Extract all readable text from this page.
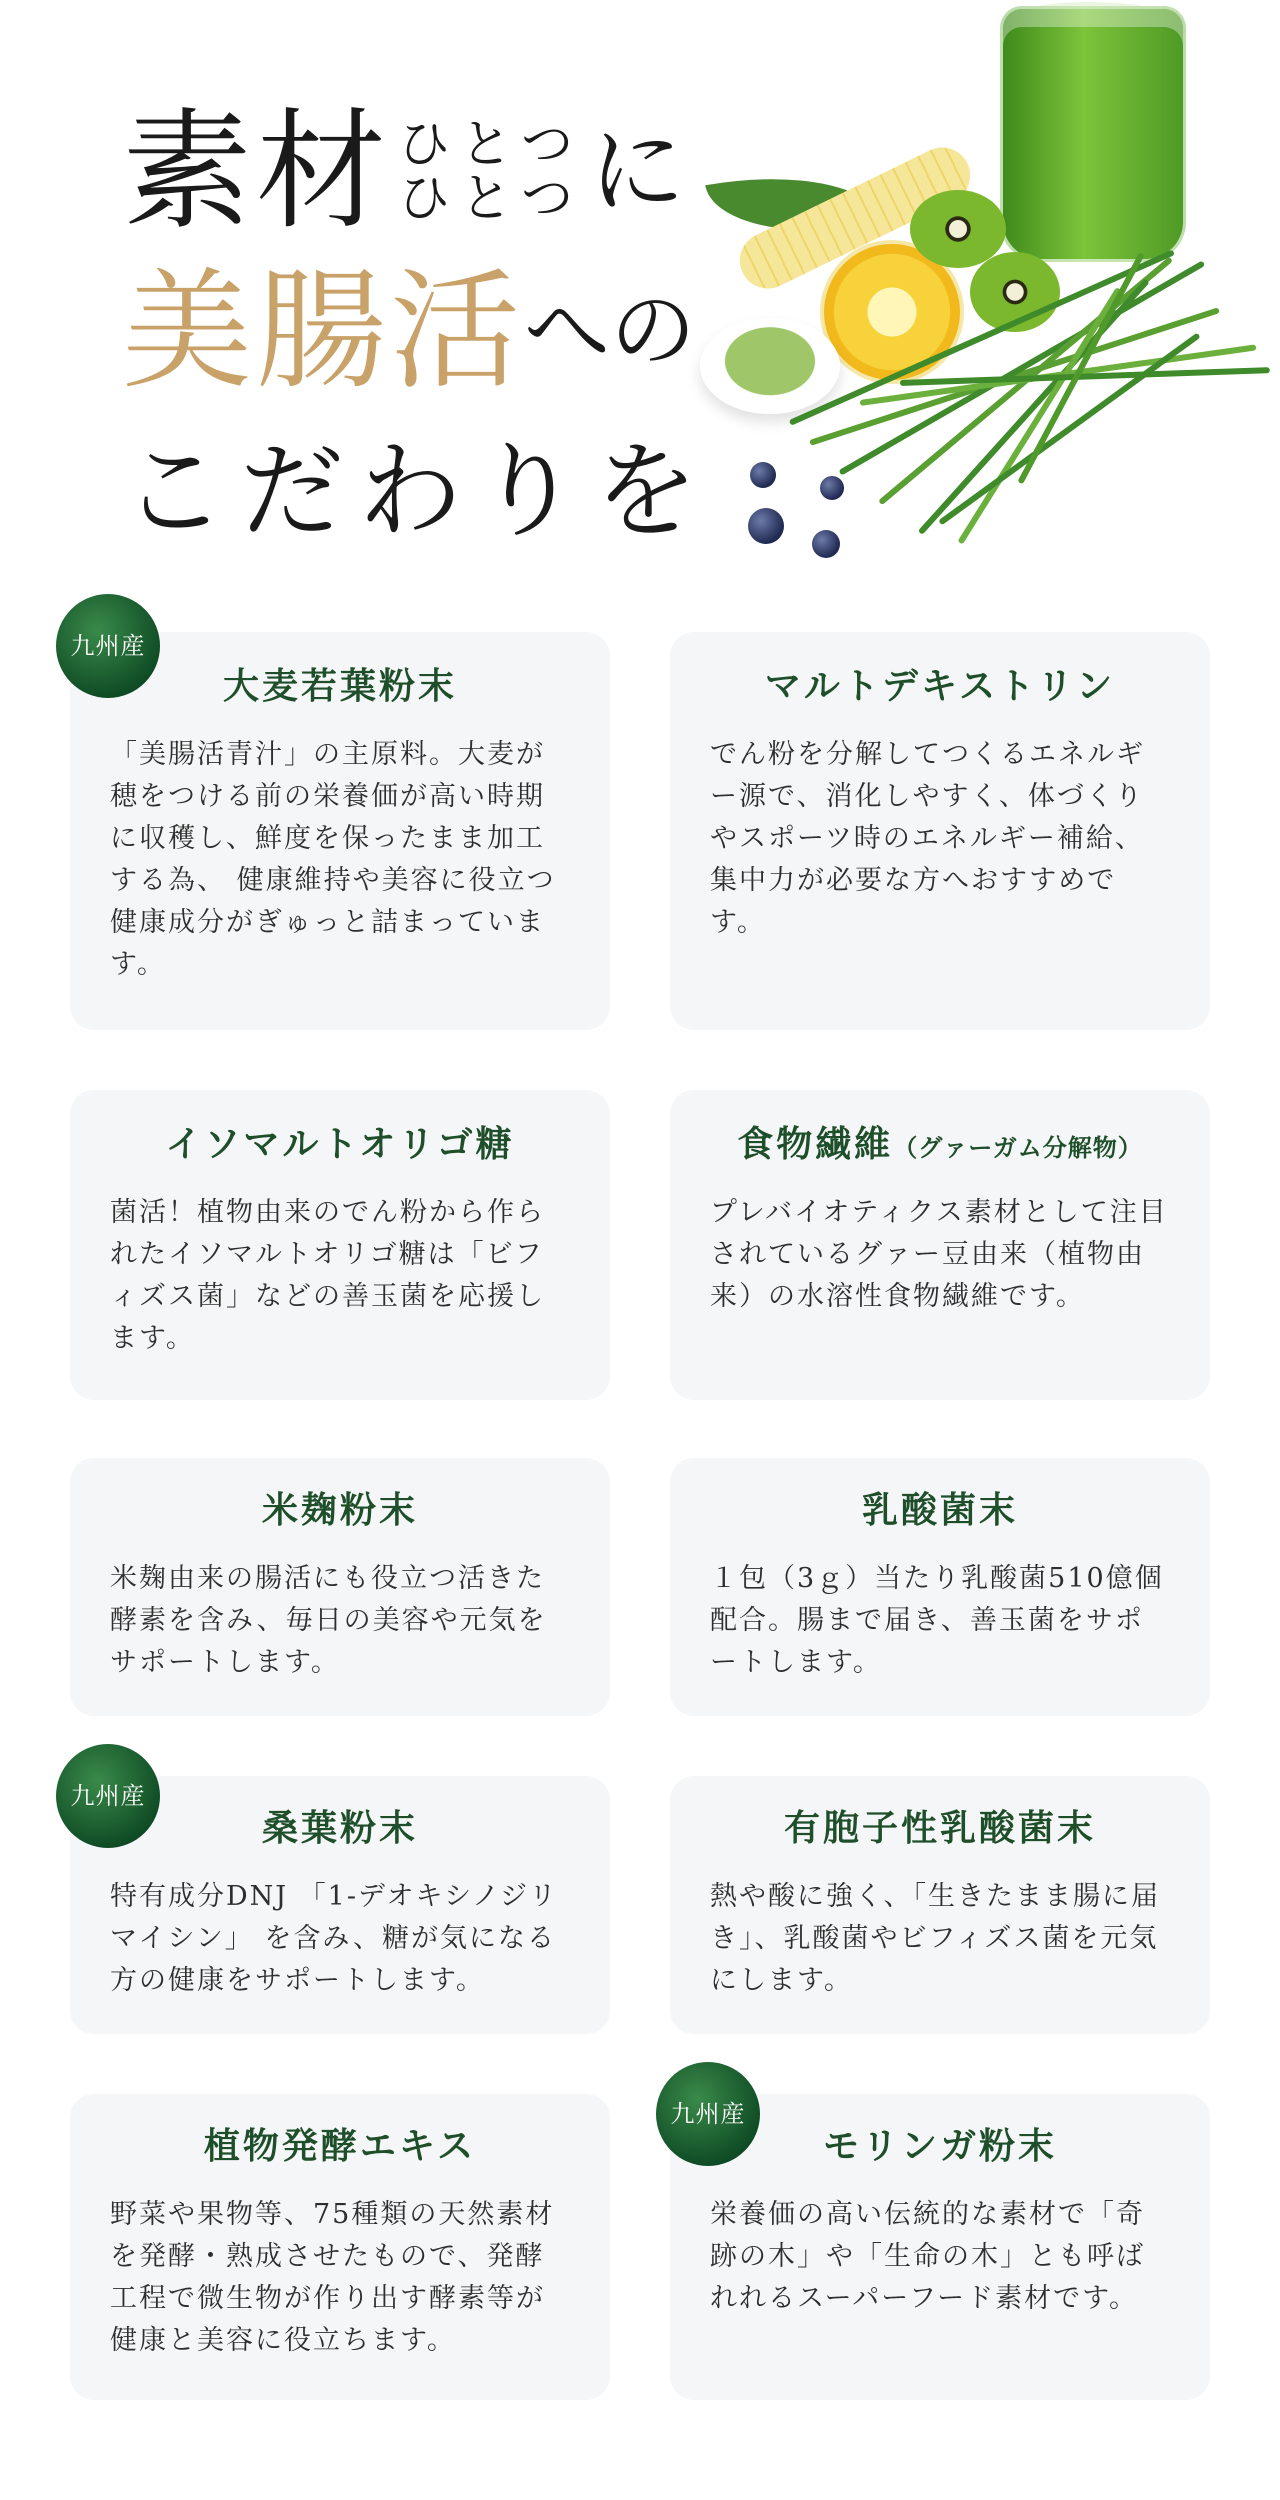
素材 ひとつ
ひとつ に
美腸活への
こだわりを
大麦若葉粉末

「美腸活青汁」の主原料。大麦が穂をつける前の栄養価が高い時期に収穫し、鮮度を保ったまま加工する為、 健康維持や美容に役立つ健康成分がぎゅっと詰まっています。

九州産
マルトデキストリン

でん粉を分解してつくるエネルギー源で、消化しやすく、体づくりやスポーツ時のエネルギー補給、集中力が必要な方へおすすめです。

イソマルトオリゴ糖

菌活！植物由来のでん粉から作られたイソマルトオリゴ糖は「ビフィズス菌」などの善玉菌を応援します。

食物繊維（グァーガム分解物）

プレバイオティクス素材として注目されているグァー豆由来（植物由来）の水溶性食物繊維です。

米麹粉末

米麹由来の腸活にも役立つ活きた酵素を含み、毎日の美容や元気をサポートします。

乳酸菌末

１包（3ｇ）当たり乳酸菌510億個配合。腸まで届き、善玉菌をサポートします。

桑葉粉末

特有成分DNJ 「1-デオキシノジリマイシン」 を含み、糖が気になる方の健康をサポートします。

九州産
有胞子性乳酸菌末

熱や酸に強く、「生きたまま腸に届き」、乳酸菌やビフィズス菌を元気にします。

植物発酵エキス

野菜や果物等、75種類の天然素材を発酵・熟成させたもので、発酵工程で微生物が作り出す酵素等が健康と美容に役立ちます。

モリンガ粉末

栄養価の高い伝統的な素材で「奇跡の木」や「生命の木」とも呼ばれれるスーパーフード素材です。

九州産
